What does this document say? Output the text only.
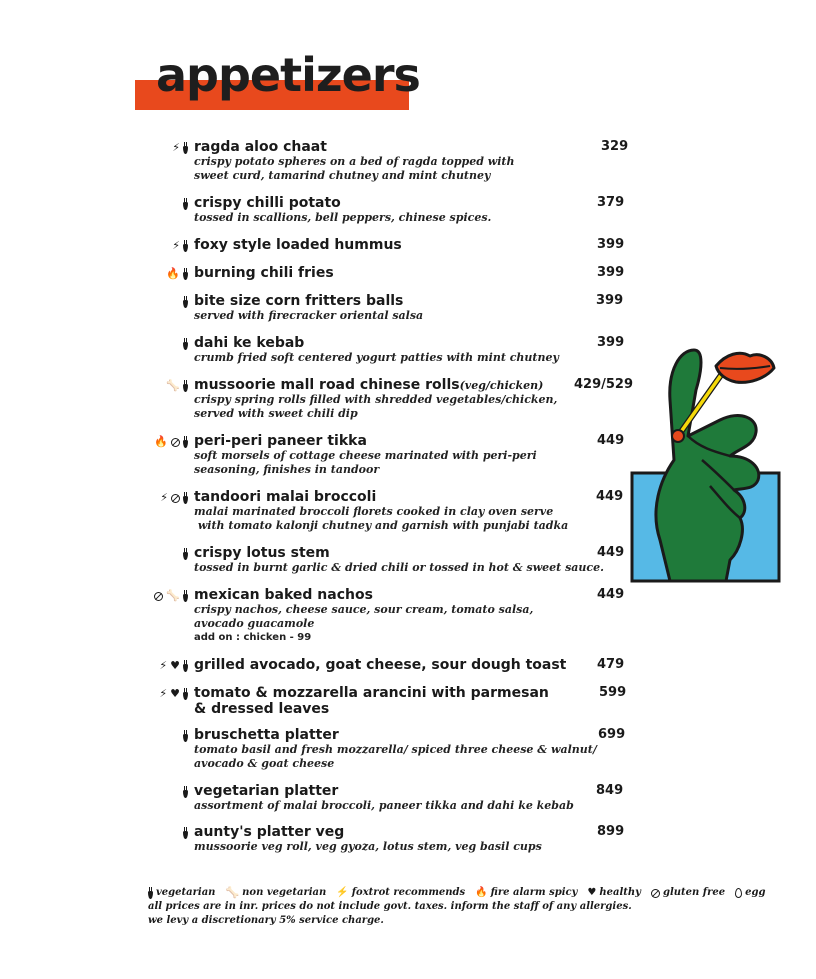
appetizers
⚡ ragda aloo chaat
crispy potato spheres on a bed of ragda topped with
sweet curd, tamarind chutney and mint chutney
329
crispy chilli potato
tossed in scallions, bell peppers, chinese spices.
379
⚡ foxy style loaded hummus	399
🔥 burning chili fries	399
bite size corn fritters balls
served with firecracker oriental salsa
399
dahi ke kebab
crumb fried soft centered yogurt patties with mint chutney
399
🦴 mussoorie mall road chinese rolls(veg/chicken)
crispy spring rolls filled with shredded vegetables/chicken,
served with sweet chili dip
429/529
🔥 peri-peri paneer tikka
soft morsels of cottage cheese marinated with peri-peri
seasoning, finishes in tandoor
449
⚡ tandoori malai broccoli
malai marinated broccoli florets cooked in clay oven serve
with tomato kalonji chutney and garnish with punjabi tadka
449
crispy lotus stem
tossed in burnt garlic & dried chili or tossed in hot & sweet sauce.
449
🦴 mexican baked nachos
crispy nachos, cheese sauce, sour cream, tomato salsa,
avocado guacamole
add on : chicken - 99
449
⚡ ♥ grilled avocado, goat cheese, sour dough toast 479
⚡ ♥ tomato & mozzarella arancini with parmesan
& dressed leaves
599
bruschetta platter
tomato basil and fresh mozzarella/ spiced three cheese & walnut/
avocado & goat cheese
699
vegetarian platter
assortment of malai broccoli, paneer tikka and dahi ke kebab
849
aunty's platter veg
mussoorie veg roll, veg gyoza, lotus stem, veg basil cups
899
vegetarian 🦴 non vegetarian ⚡ foxtrot recommends 🔥 fire alarm spicy ♥ healthy gluten free egg
all prices are in inr. prices do not include govt. taxes. inform the staff of any allergies.
we levy a discretionary 5% service charge.
